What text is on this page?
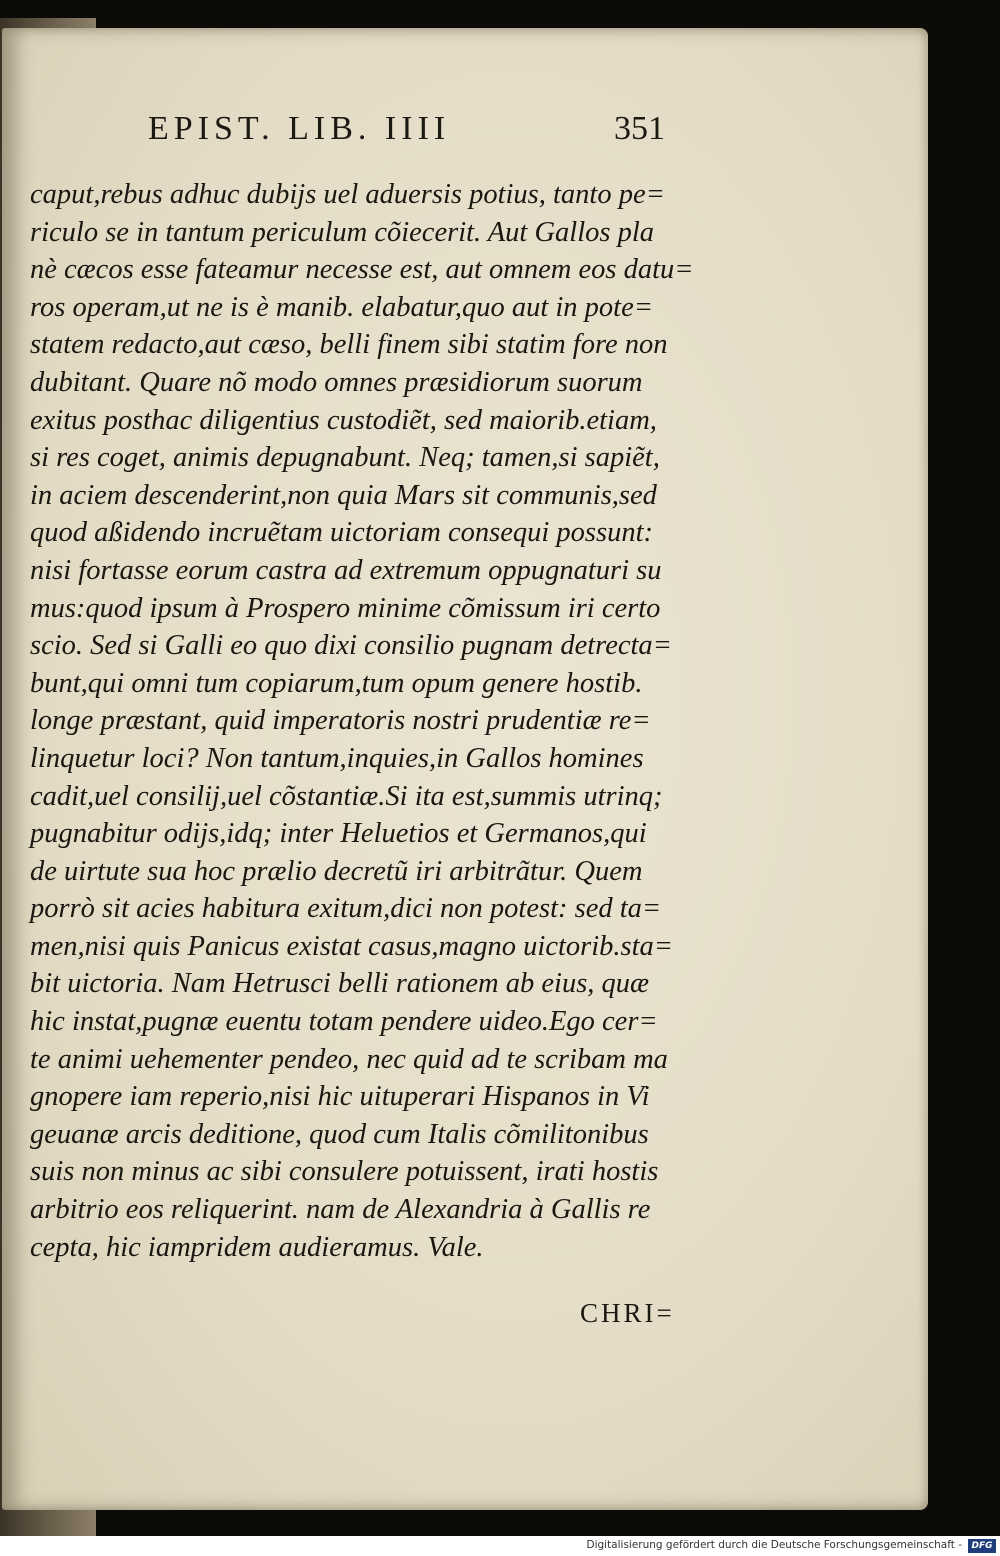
EPIST. LIB. IIII	351
caput,rebus adhuc dubijs uel aduersis potius, tanto pe=
riculo se in tantum periculum cõiecerit. Aut Gallos pla
nè cæcos esse fateamur necesse est, aut omnem eos datu=
ros operam,ut ne is è manib. elabatur,quo aut in pote=
statem redacto,aut cæso, belli finem sibi statim fore non
dubitant. Quare nõ modo omnes præsidiorum suorum
exitus posthac diligentius custodiẽt, sed maiorib.etiam,
si res coget, animis depugnabunt. Neq; tamen,si sapiẽt,
in aciem descenderint,non quia Mars sit communis,sed
quod aßidendo incruẽtam uictoriam consequi possunt:
nisi fortasse eorum castra ad extremum oppugnaturi su
mus:quod ipsum à Prospero minime cõmissum iri certo
scio. Sed si Galli eo quo dixi consilio pugnam detrecta=
bunt,qui omni tum copiarum,tum opum genere hostib.
longe præstant, quid imperatoris nostri prudentiæ re=
linquetur loci? Non tantum,inquies,in Gallos homines
cadit,uel consilij,uel cõstantiæ.Si ita est,summis utrinq;
pugnabitur odijs,idq; inter Heluetios et Germanos,qui
de uirtute sua hoc prælio decretũ iri arbitrãtur. Quem
porrò sit acies habitura exitum,dici non potest: sed ta=
men,nisi quis Panicus existat casus,magno uictorib.sta=
bit uictoria. Nam Hetrusci belli rationem ab eius, quæ
hic instat,pugnæ euentu totam pendere uideo.Ego cer=
te animi uehementer pendeo, nec quid ad te scribam ma
gnopere iam reperio,nisi hic uituperari Hispanos in Vi
geuanæ arcis deditione, quod cum Italis cõmilitonibus
suis non minus ac sibi consulere potuissent, irati hostis
arbitrio eos reliquerint. nam de Alexandria à Gallis re
cepta, hic iampridem audieramus. Vale.
CHRI=
Digitalisierung gefördert durch die Deutsche Forschungsgemeinschaft -	DFG
